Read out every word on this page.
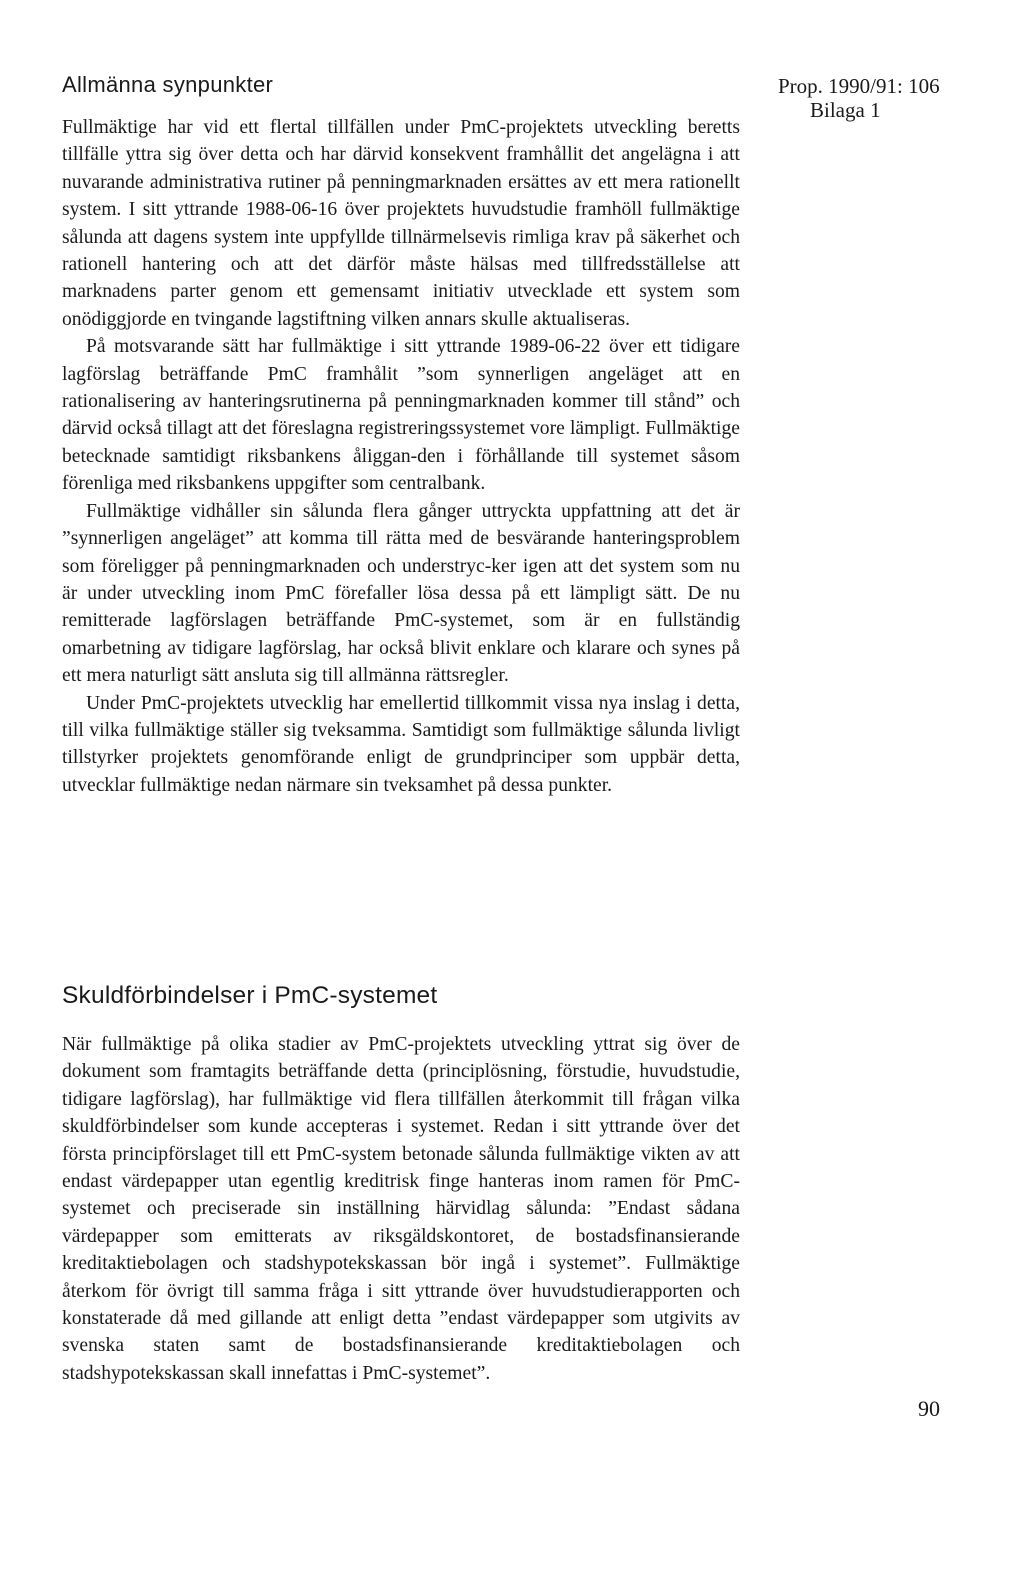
Allmänna synpunkter	Prop. 1990/91: 106
Bilaga 1

Fullmäktige har vid ett flertal tillfällen under PmC-projektets utveckling beretts tillfälle yttra sig över detta och har därvid konsekvent framhållit det angelägna i att nuvarande administrativa rutiner på penningmarknaden ersättes av ett mera rationellt system. I sitt yttrande 1988-06-16 över projektets huvudstudie framhöll fullmäktige sålunda att dagens system inte uppfyllde tillnärmelsevis rimliga krav på säkerhet och rationell hantering och att det därför måste hälsas med tillfredsställelse att marknadens parter genom ett gemensamt initiativ utvecklade ett system som onödiggjorde en tvingande lagstiftning vilken annars skulle aktualiseras.

På motsvarande sätt har fullmäktige i sitt yttrande 1989-06-22 över ett tidigare lagförslag beträffande PmC framhålit ”som synnerligen angeläget att en rationalisering av hanteringsrutinerna på penningmarknaden kommer till stånd” och därvid också tillagt att det föreslagna registreringssystemet vore lämpligt. Fullmäktige betecknade samtidigt riksbankens åliggan-den i förhållande till systemet såsom förenliga med riksbankens uppgifter som centralbank.

Fullmäktige vidhåller sin sålunda flera gånger uttryckta uppfattning att det är ”synnerligen angeläget” att komma till rätta med de besvärande hanteringsproblem som föreligger på penningmarknaden och understryc-ker igen att det system som nu är under utveckling inom PmC förefaller lösa dessa på ett lämpligt sätt. De nu remitterade lagförslagen beträffande PmC-systemet, som är en fullständig omarbetning av tidigare lagförslag, har också blivit enklare och klarare och synes på ett mera naturligt sätt ansluta sig till allmänna rättsregler.

Under PmC-projektets utvecklig har emellertid tillkommit vissa nya inslag i detta, till vilka fullmäktige ställer sig tveksamma. Samtidigt som fullmäktige sålunda livligt tillstyrker projektets genomförande enligt de grundprinciper som uppbär detta, utvecklar fullmäktige nedan närmare sin tveksamhet på dessa punkter.

Skuldförbindelser i PmC-systemet

När fullmäktige på olika stadier av PmC-projektets utveckling yttrat sig över de dokument som framtagits beträffande detta (principlösning, förstudie, huvudstudie, tidigare lagförslag), har fullmäktige vid flera tillfällen återkommit till frågan vilka skuldförbindelser som kunde accepteras i systemet. Redan i sitt yttrande över det första principförslaget till ett PmC-system betonade sålunda fullmäktige vikten av att endast värdepapper utan egentlig kreditrisk finge hanteras inom ramen för PmC-systemet och preciserade sin inställning härvidlag sålunda: ”Endast sådana värdepapper som emitterats av riksgäldskontoret, de bostadsfinansierande kreditaktiebolagen och stadshypotekskassan bör ingå i systemet”. Fullmäktige återkom för övrigt till samma fråga i sitt yttrande över huvudstudierapporten och konstaterade då med gillande att enligt detta ”endast värdepapper som utgivits av svenska staten samt de bostadsfinansierande kreditaktiebolagen och stadshypotekskassan skall innefattas i PmC-systemet”.

90
